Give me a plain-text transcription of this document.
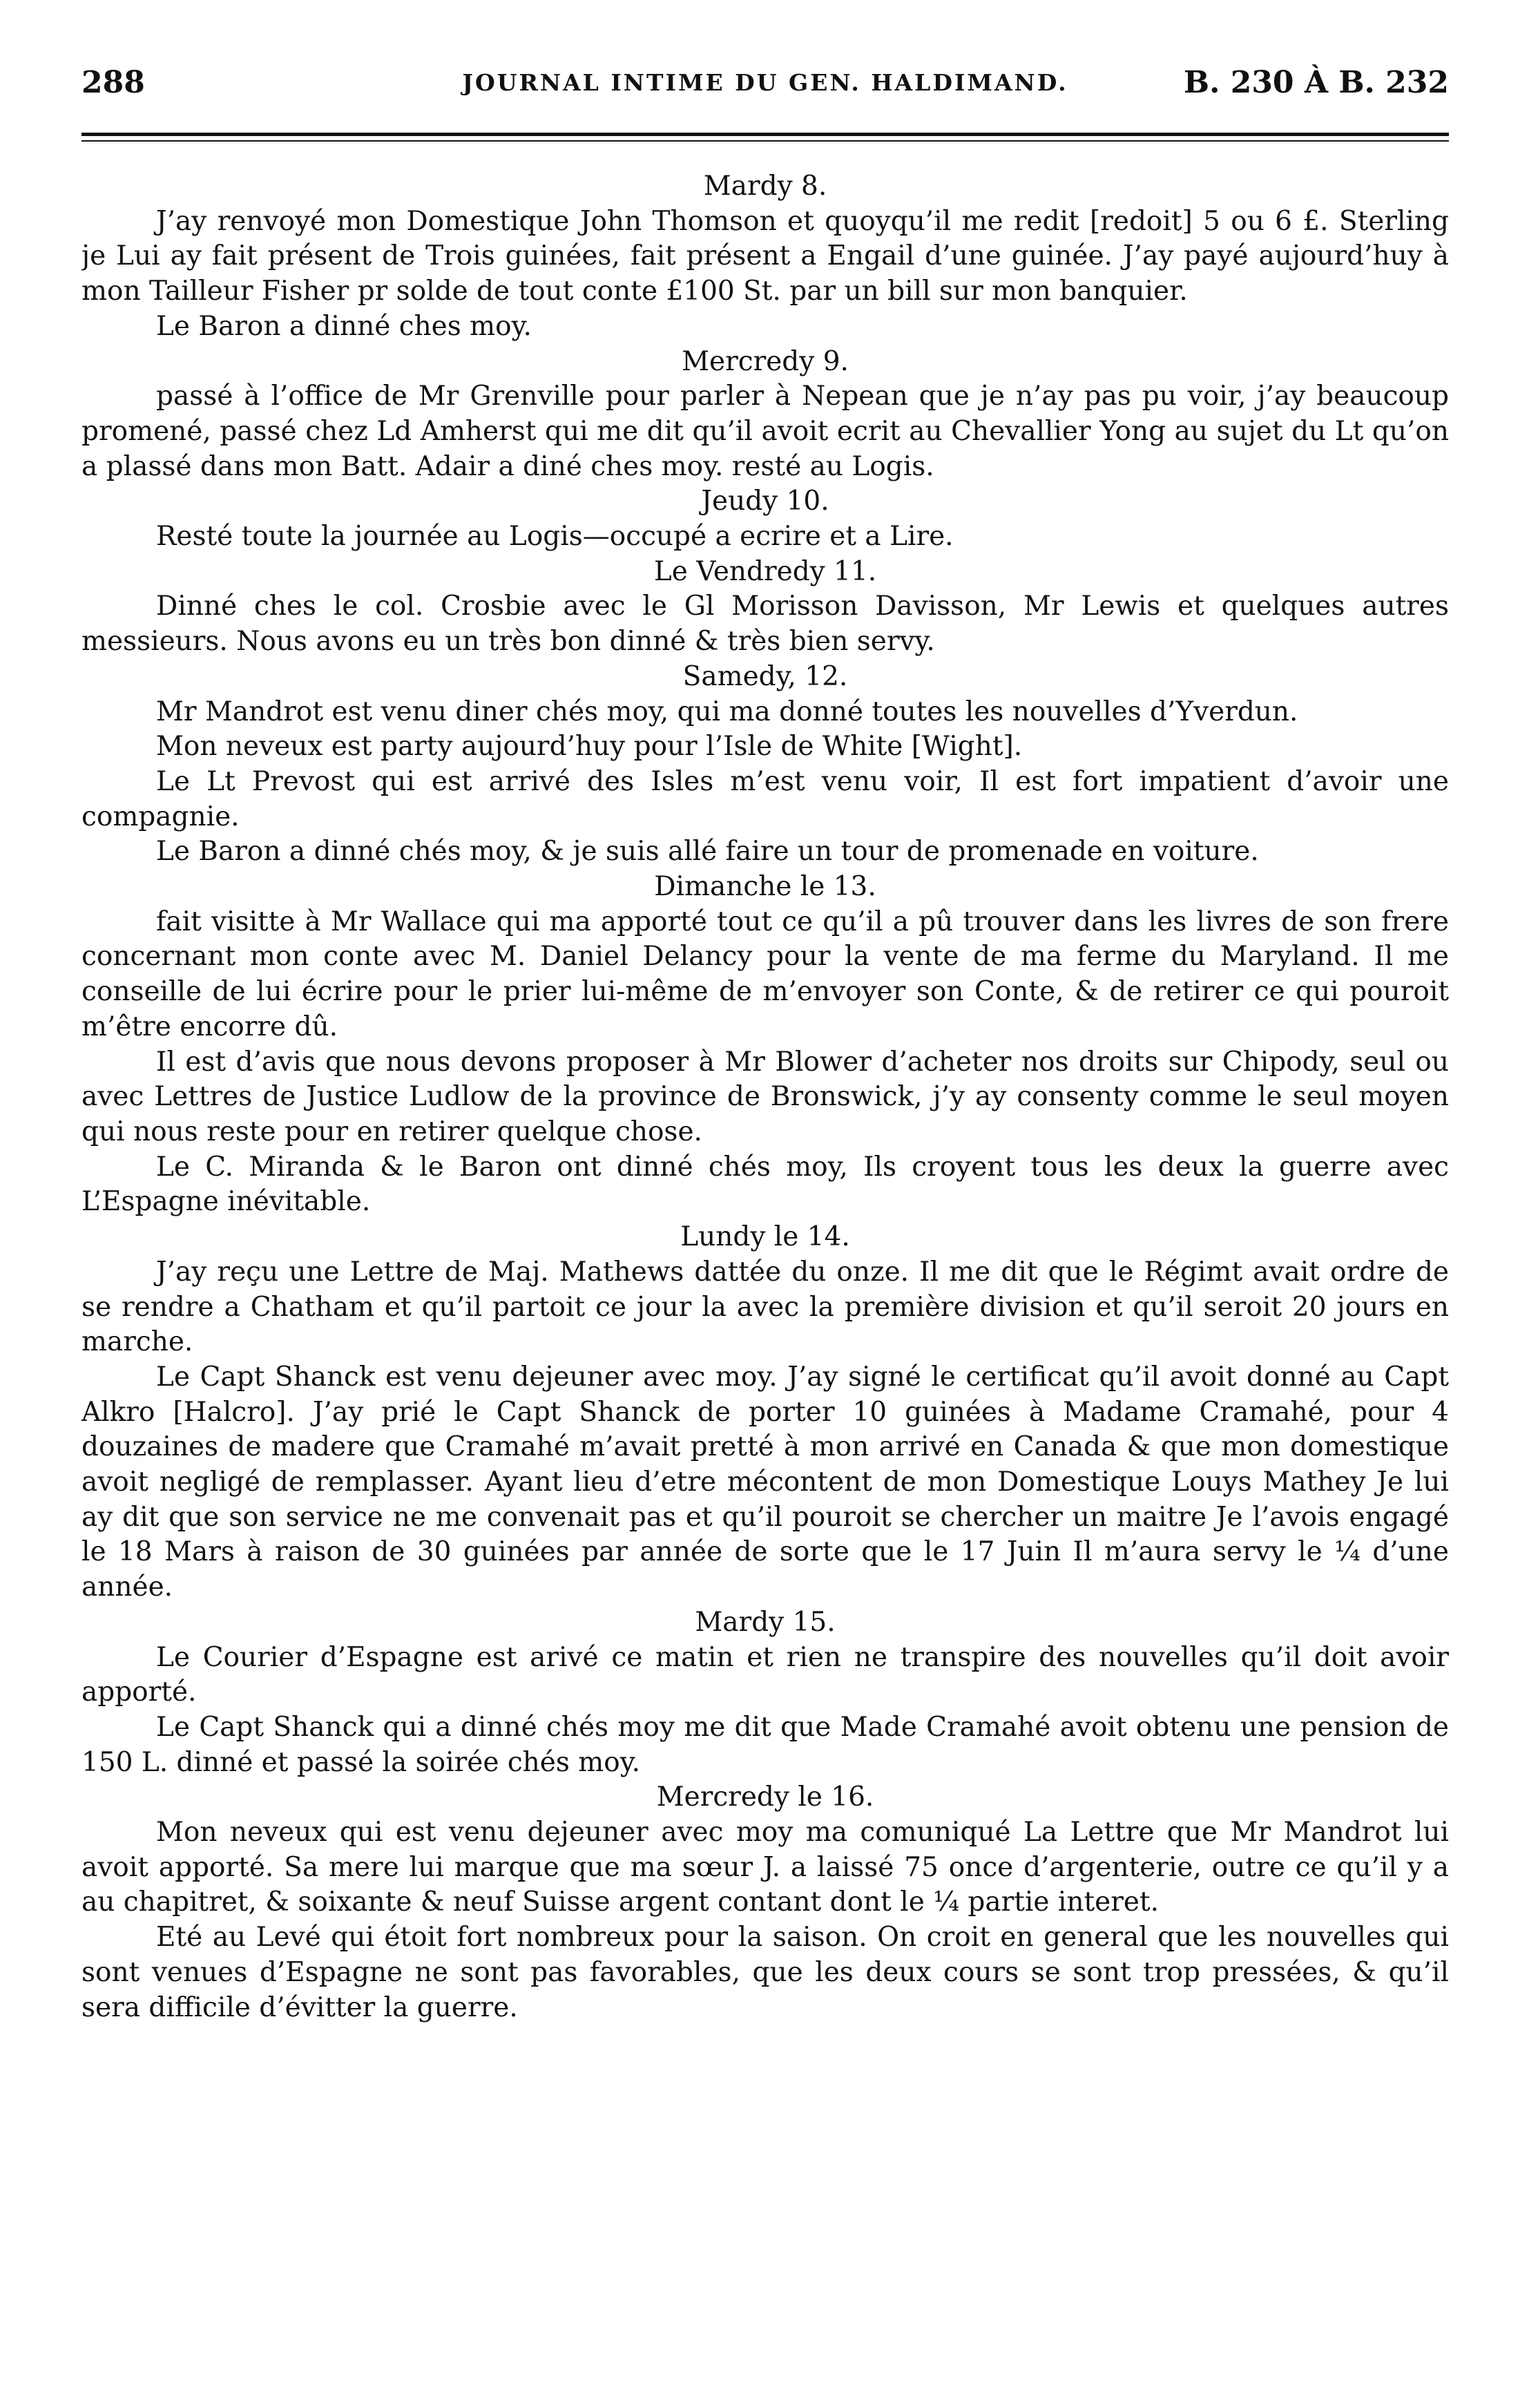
288	JOURNAL INTIME DU GEN. HALDIMAND.	B. 230 À B. 232
Mardy 8.

J’ay renvoyé mon Domestique John Thomson et quoyqu’il me redit [redoit] 5 ou 6 £. Sterling je Lui ay fait présent de Trois guinées, fait présent a Engail d’une guinée. J’ay payé aujourd’huy à mon Tailleur Fisher pr solde de tout conte £100 St. par un bill sur mon banquier.

Le Baron a dinné ches moy.

Mercredy 9.

passé à l’office de Mr Grenville pour parler à Nepean que je n’ay pas pu voir, j’ay beaucoup promené, passé chez Ld Amherst qui me dit qu’il avoit ecrit au Chevallier Yong au sujet du Lt qu’on a plassé dans mon Batt. Adair a diné ches moy. resté au Logis.

Jeudy 10.

Resté toute la journée au Logis—occupé a ecrire et a Lire.

Le Vendredy 11.

Dinné ches le col. Crosbie avec le Gl Morisson Davisson, Mr Lewis et quelques autres messieurs. Nous avons eu un très bon dinné & très bien servy.

Samedy, 12.

Mr Mandrot est venu diner chés moy, qui ma donné toutes les nouvelles d’Yverdun.

Mon neveux est party aujourd’huy pour l’Isle de White [Wight].

Le Lt Prevost qui est arrivé des Isles m’est venu voir, Il est fort impatient d’avoir une compagnie.

Le Baron a dinné chés moy, & je suis allé faire un tour de promenade en voiture.

Dimanche le 13.

fait visitte à Mr Wallace qui ma apporté tout ce qu’il a pû trouver dans les livres de son frere concernant mon conte avec M. Daniel Delancy pour la vente de ma ferme du Maryland. Il me conseille de lui écrire pour le prier lui-même de m’envoyer son Conte, & de retirer ce qui pouroit m’être encorre dû.

Il est d’avis que nous devons proposer à Mr Blower d’acheter nos droits sur Chipody, seul ou avec Lettres de Justice Ludlow de la province de Bronswick, j’y ay consenty comme le seul moyen qui nous reste pour en retirer quelque chose.

Le C. Miranda & le Baron ont dinné chés moy, Ils croyent tous les deux la guerre avec L’Espagne inévitable.

Lundy le 14.

J’ay reçu une Lettre de Maj. Mathews dattée du onze. Il me dit que le Régimt avait ordre de se rendre a Chatham et qu’il partoit ce jour la avec la première division et qu’il seroit 20 jours en marche.

Le Capt Shanck est venu dejeuner avec moy. J’ay signé le certificat qu’il avoit donné au Capt Alkro [Halcro]. J’ay prié le Capt Shanck de porter 10 guinées à Madame Cramahé, pour 4 douzaines de madere que Cramahé m’avait pretté à mon arrivé en Canada & que mon domestique avoit negligé de remplasser. Ayant lieu d’etre mécontent de mon Domestique Louys Mathey Je lui ay dit que son service ne me convenait pas et qu’il pouroit se chercher un maitre Je l’avois engagé le 18 Mars à raison de 30 guinées par année de sorte que le 17 Juin Il m’aura servy le ¼ d’une année.

Mardy 15.

Le Courier d’Espagne est arivé ce matin et rien ne transpire des nouvelles qu’il doit avoir apporté.

Le Capt Shanck qui a dinné chés moy me dit que Made Cramahé avoit obtenu une pension de 150 L. dinné et passé la soirée chés moy.

Mercredy le 16.

Mon neveux qui est venu dejeuner avec moy ma comuniqué La Lettre que Mr Mandrot lui avoit apporté. Sa mere lui marque que ma sœur J. a laissé 75 once d’argenterie, outre ce qu’il y a au chapitret, & soixante & neuf Suisse argent contant dont le ¼ partie interet.

Eté au Levé qui étoit fort nombreux pour la saison. On croit en general que les nouvelles qui sont venues d’Espagne ne sont pas favorables, que les deux cours se sont trop pressées, & qu’il sera difficile d’évitter la guerre.
